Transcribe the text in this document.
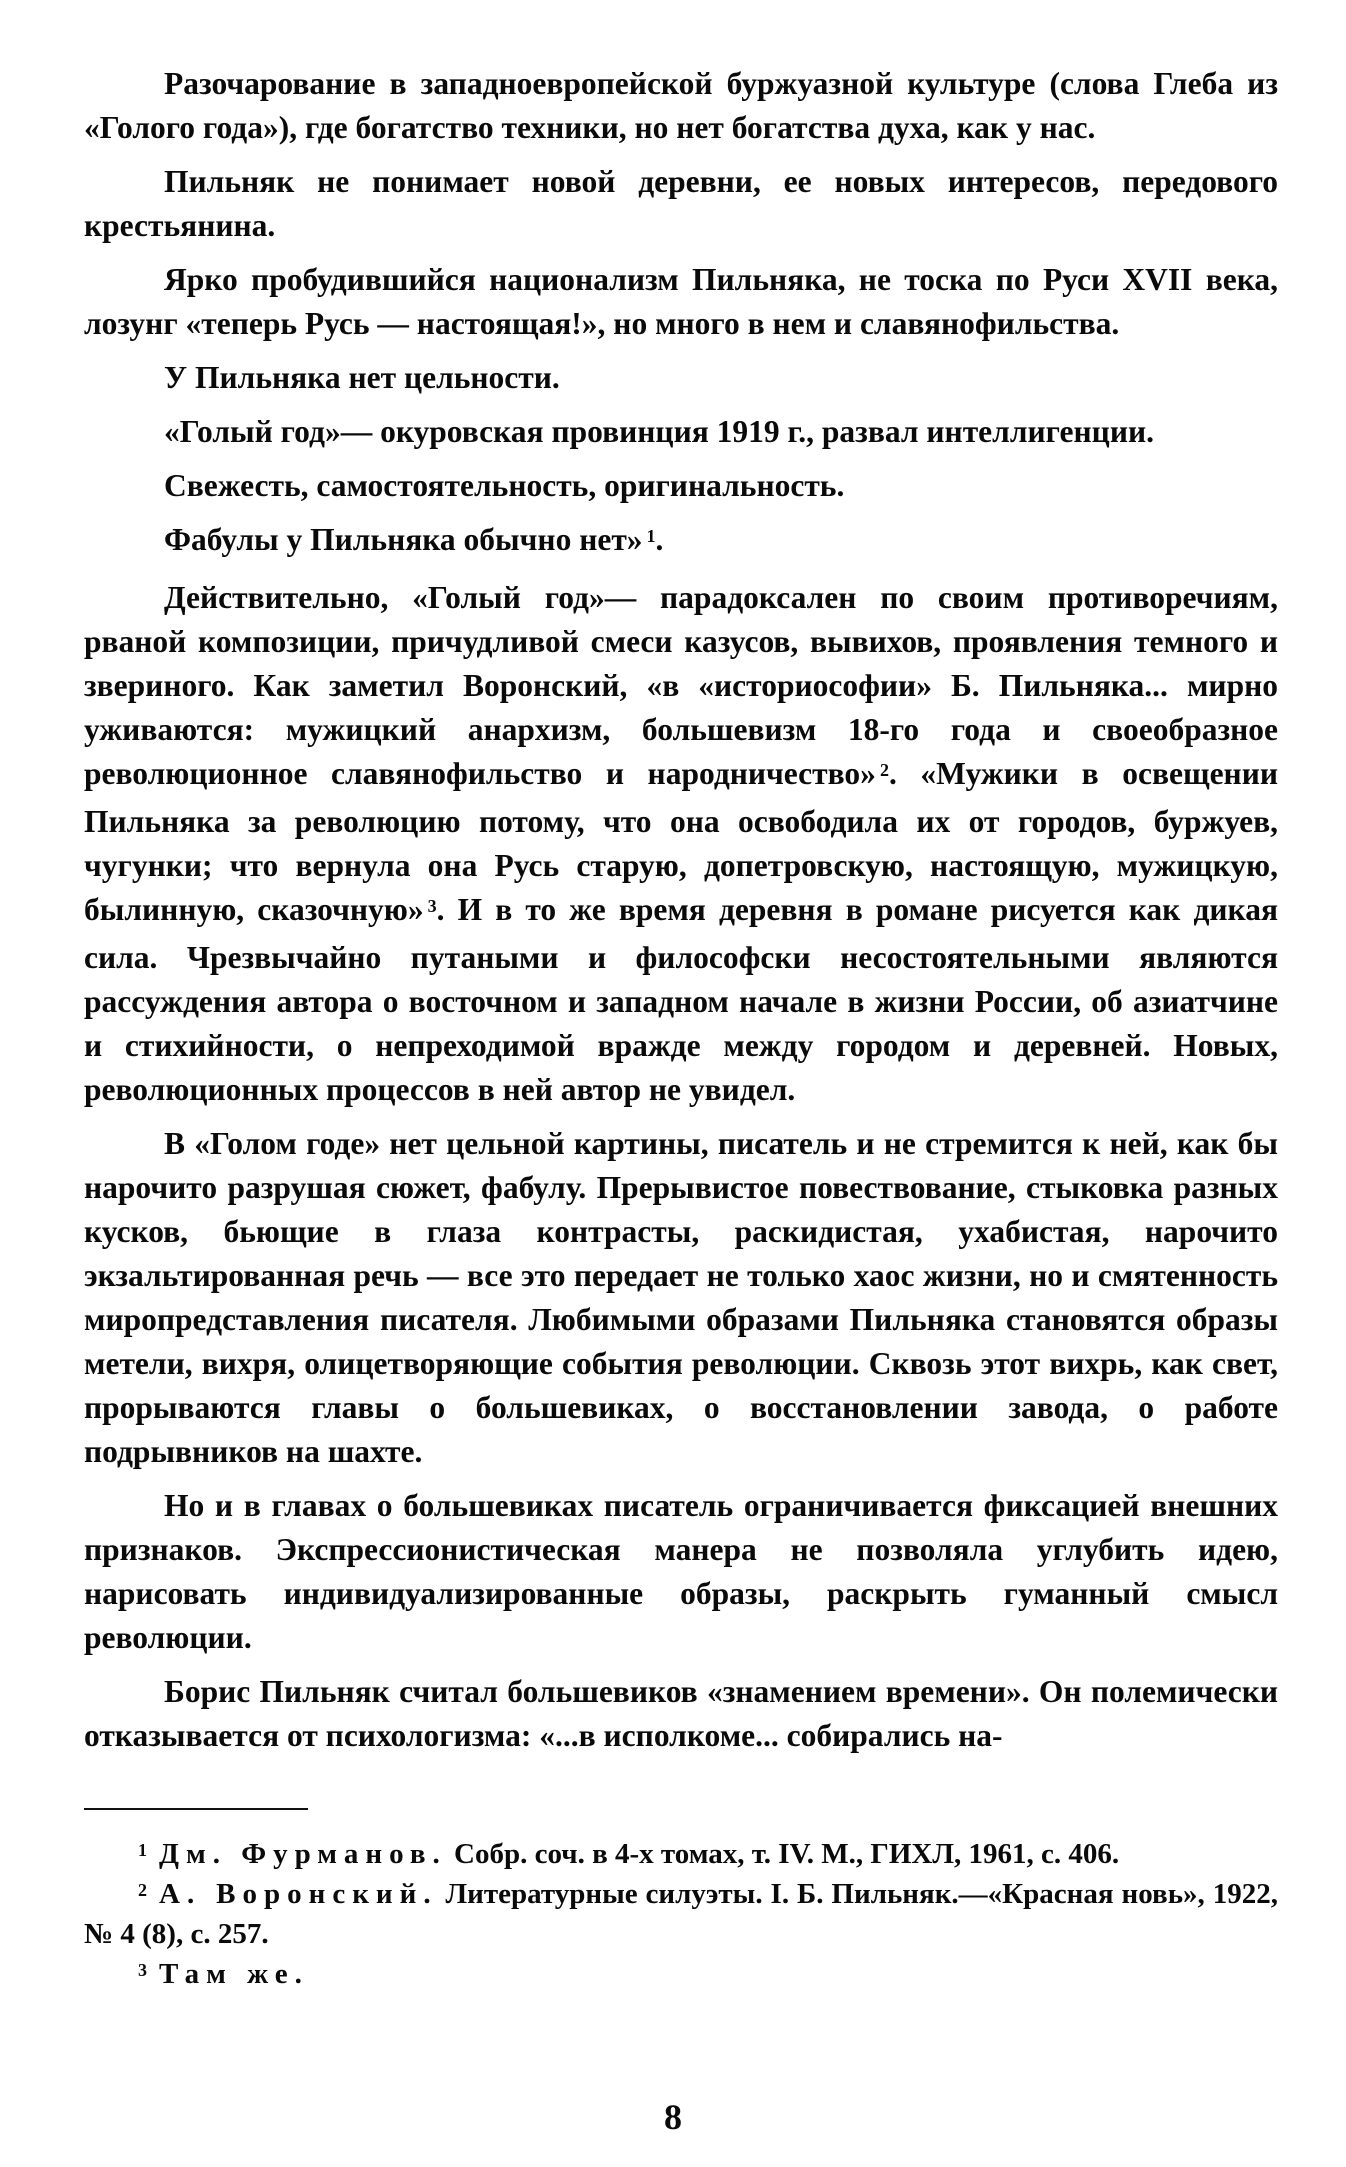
Разочарование в западноевропейской буржуазной культуре (слова Глеба из «Голого года»), где богатство техники, но нет богатства духа, как у нас.

Пильняк не понимает новой деревни, ее новых интересов, передового крестьянина.

Ярко пробудившийся национализм Пильняка, не тоска по Руси XVII века, лозунг «теперь Русь — настоящая!», но много в нем и славянофильства.

У Пильняка нет цельности.

«Голый год»— окуровская провинция 1919 г., развал интеллигенции.

Свежесть, самостоятельность, оригинальность.

Фабулы у Пильняка обычно нет» $^1$.

Действительно, «Голый год»— парадоксален по своим противоречиям, рваной композиции, причудливой смеси казусов, вывихов, проявления темного и звериного. Как заметил Воронский, «в «историософии» Б. Пильняка... мирно уживаются: мужицкий анархизм, большевизм 18-го года и своеобразное революционное славянофильство и народничество» $^2$. «Мужики в освещении Пильняка за революцию потому, что она освободила их от городов, буржуев, чугунки; что вернула она Русь старую, допетровскую, настоящую, мужицкую, былинную, сказочную» $^3$. И в то же время деревня в романе рисуется как дикая сила. Чрезвычайно путаными и философски несостоятельными являются рассуждения автора о восточном и западном начале в жизни России, об азиатчине и стихийности, о непреходимой вражде между городом и деревней. Новых, революционных процессов в ней автор не увидел.

В «Голом годе» нет цельной картины, писатель и не стремится к ней, как бы нарочито разрушая сюжет, фабулу. Прерывистое повествование, стыковка разных кусков, бьющие в глаза контрасты, раскидистая, ухабистая, нарочито экзальтированная речь — все это передает не только хаос жизни, но и смятенность миропредставления писателя. Любимыми образами Пильняка становятся образы метели, вихря, олицетворяющие события революции. Сквозь этот вихрь, как свет, прорываются главы о большевиках, о восстановлении завода, о работе подрывников на шахте.

Но и в главах о большевиках писатель ограничивается фиксацией внешних признаков. Экспрессионистическая манера не позволяла углубить идею, нарисовать индивидуализированные образы, раскрыть гуманный смысл революции.

Борис Пильняк считал большевиков «знамением времени». Он полемически отказывается от психологизма: «...в исполкоме... собирались на-

$^1$ Дм. Фурманов. Собр. соч. в 4-х томах, т. IV. М., ГИХЛ, 1961, с. 406.

$^2$ А. Воронский. Литературные силуэты. I. Б. Пильняк.—«Красная новь», 1922, № 4 (8), с. 257.

$^3$ Там же.

8
